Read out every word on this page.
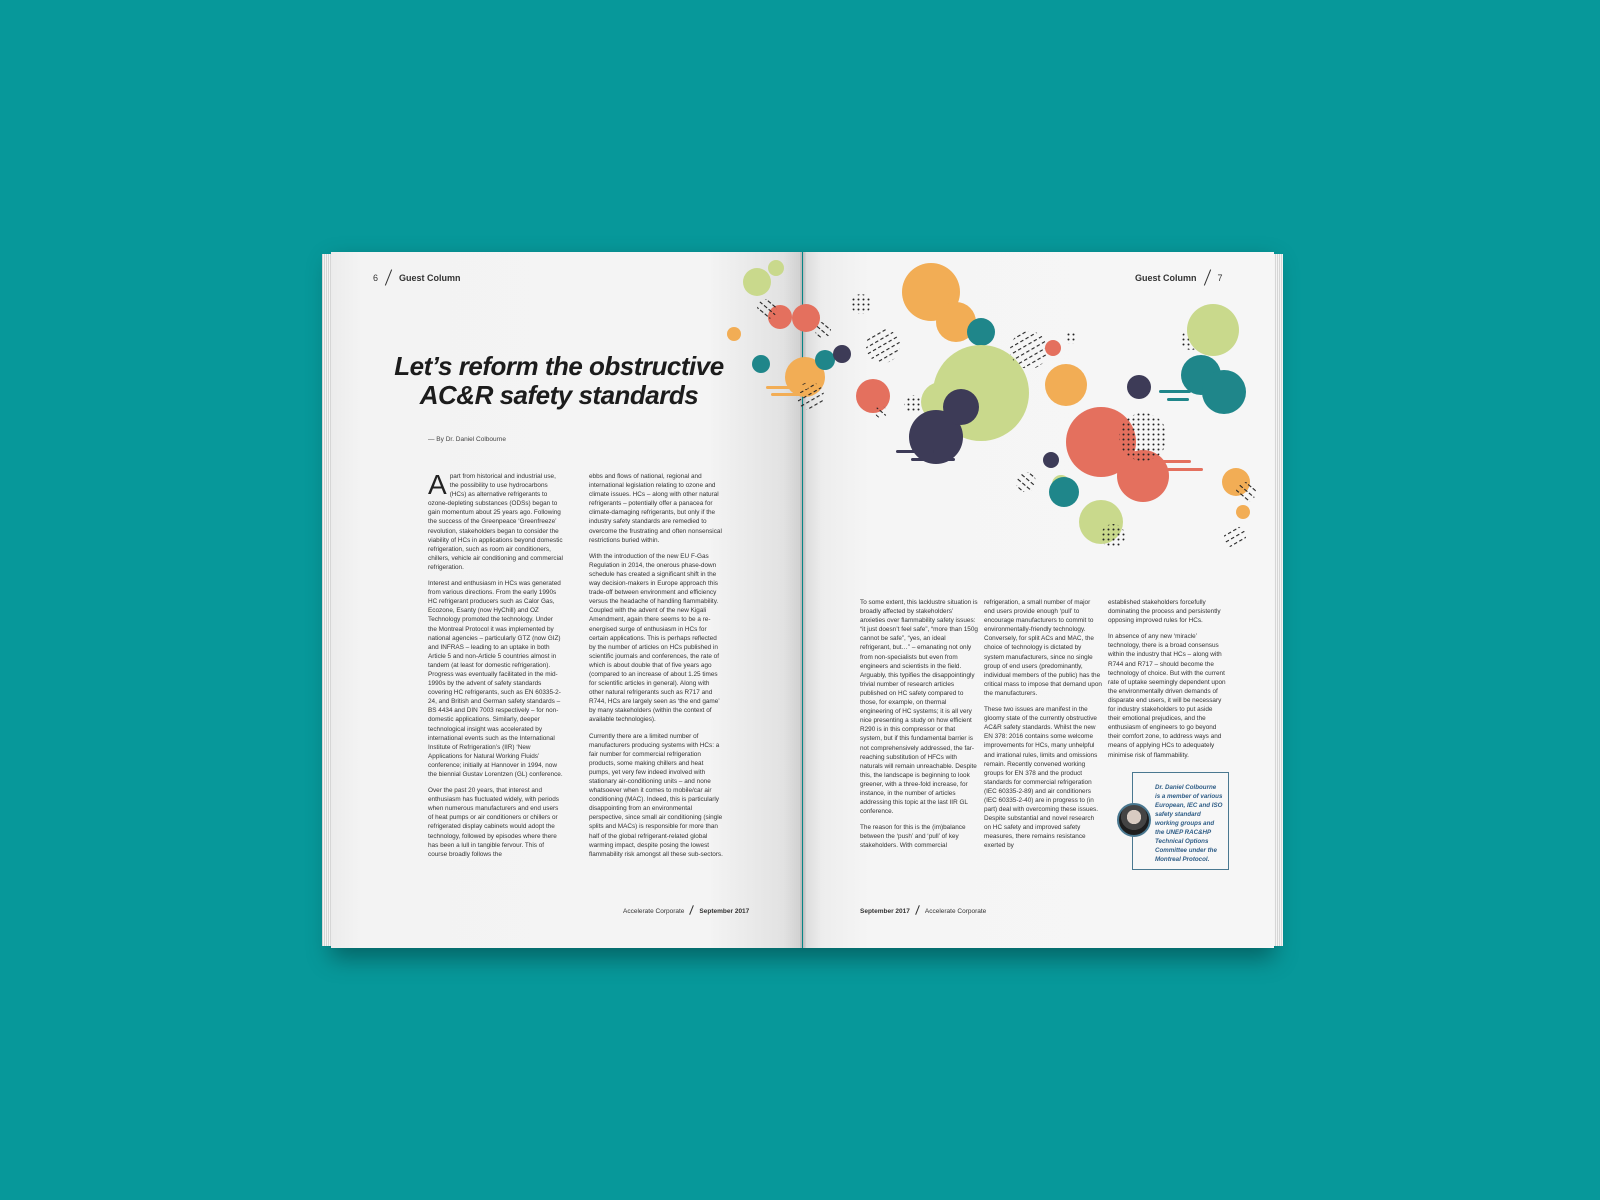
6 Guest Column
Let’s reform the obstructive
AC&R safety standards
— By Dr. Daniel Colbourne

Apart from historical and industrial use, the possibility to use hydrocarbons (HCs) as alternative refrigerants to ozone-depleting substances (ODSs) began to gain momentum about 25 years ago. Following the success of the Greenpeace ‘Greenfreeze’ revolution, stakeholders began to consider the viability of HCs in applications beyond domestic refrigeration, such as room air conditioners, chillers, vehicle air conditioning and commercial refrigeration.

Interest and enthusiasm in HCs was generated from various directions. From the early 1990s HC refrigerant producers such as Calor Gas, Ecozone, Esanty (now HyChill) and OZ Technology promoted the technology. Under the Montreal Protocol it was implemented by national agencies – particularly GTZ (now GIZ) and INFRAS – leading to an uptake in both Article 5 and non-Article 5 countries almost in tandem (at least for domestic refrigeration). Progress was eventually facilitated in the mid-1990s by the advent of safety standards covering HC refrigerants, such as EN 60335-2-24, and British and German safety standards – BS 4434 and DIN 7003 respectively – for non-domestic applications. Similarly, deeper technological insight was accelerated by international events such as the International Institute of Refrigeration’s (IIR) ‘New Applications for Natural Working Fluids’ conference; initially at Hannover in 1994, now the biennial Gustav Lorentzen (GL) conference.

Over the past 20 years, that interest and enthusiasm has fluctuated widely, with periods when numerous manufacturers and end users of heat pumps or air conditioners or chillers or refrigerated display cabinets would adopt the technology, followed by episodes where there has been a lull in tangible fervour. This of course broadly follows the

ebbs and flows of national, regional and international legislation relating to ozone and climate issues. HCs – along with other natural refrigerants – potentially offer a panacea for climate-damaging refrigerants, but only if the industry safety standards are remedied to overcome the frustrating and often nonsensical restrictions buried within.

With the introduction of the new EU F-Gas Regulation in 2014, the onerous phase-down schedule has created a significant shift in the way decision-makers in Europe approach this trade-off between environment and efficiency versus the headache of handling flammability. Coupled with the advent of the new Kigali Amendment, again there seems to be a re-energised surge of enthusiasm in HCs for certain applications. This is perhaps reflected by the number of articles on HCs published in scientific journals and conferences, the rate of which is about double that of five years ago (compared to an increase of about 1.25 times for scientific articles in general). Along with other natural refrigerants such as R717 and R744, HCs are largely seen as ‘the end game’ by many stakeholders (within the context of available technologies).

Currently there are a limited number of manufacturers producing systems with HCs: a fair number for commercial refrigeration products, some making chillers and heat pumps, yet very few indeed involved with stationary air-conditioning units – and none whatsoever when it comes to mobile/car air conditioning (MAC). Indeed, this is particularly disappointing from an environmental perspective, since small air conditioning (single splits and MACs) is responsible for more than half of the global refrigerant-related global warming impact, despite posing the lowest flammability risk amongst all these sub-sectors.

Accelerate Corporate September 2017
Guest Column 7

To some extent, this lacklustre situation is broadly affected by stakeholders’ anxieties over flammability safety issues: “it just doesn’t feel safe”, “more than 150g cannot be safe”, “yes, an ideal refrigerant, but…” – emanating not only from non-specialists but even from engineers and scientists in the field. Arguably, this typifies the disappointingly trivial number of research articles published on HC safety compared to those, for example, on thermal engineering of HC systems; it is all very nice presenting a study on how efficient R290 is in this compressor or that system, but if this fundamental barrier is not comprehensively addressed, the far-reaching substitution of HFCs with naturals will remain unreachable. Despite this, the landscape is beginning to look greener, with a three-fold increase, for instance, in the number of articles addressing this topic at the last IIR GL conference.

The reason for this is the (im)balance between the ‘push’ and ‘pull’ of key stakeholders. With commercial

refrigeration, a small number of major end users provide enough ‘pull’ to encourage manufacturers to commit to environmentally-friendly technology. Conversely, for split ACs and MAC, the choice of technology is dictated by system manufacturers, since no single group of end users (predominantly, individual members of the public) has the critical mass to impose that demand upon the manufacturers.

These two issues are manifest in the gloomy state of the currently obstructive AC&R safety standards. Whilst the new EN 378: 2016 contains some welcome improvements for HCs, many unhelpful and irrational rules, limits and omissions remain. Recently convened working groups for EN 378 and the product standards for commercial refrigeration (IEC 60335-2-89) and air conditioners (IEC 60335-2-40) are in progress to (in part) deal with overcoming these issues. Despite substantial and novel research on HC safety and improved safety measures, there remains resistance exerted by

established stakeholders forcefully dominating the process and persistently opposing improved rules for HCs.

In absence of any new ‘miracle’ technology, there is a broad consensus within the industry that HCs – along with R744 and R717 – should become the technology of choice. But with the current rate of uptake seemingly dependent upon the environmentally driven demands of disparate end users, it will be necessary for industry stakeholders to put aside their emotional prejudices, and the enthusiasm of engineers to go beyond their comfort zone, to address ways and means of applying HCs to adequately minimise risk of flammability.

September 2017 Accelerate Corporate
Dr. Daniel Colbourne is a member of various European, IEC and ISO safety standard working groups and the UNEP RAC&HP Technical Options Committee under the Montreal Protocol.
